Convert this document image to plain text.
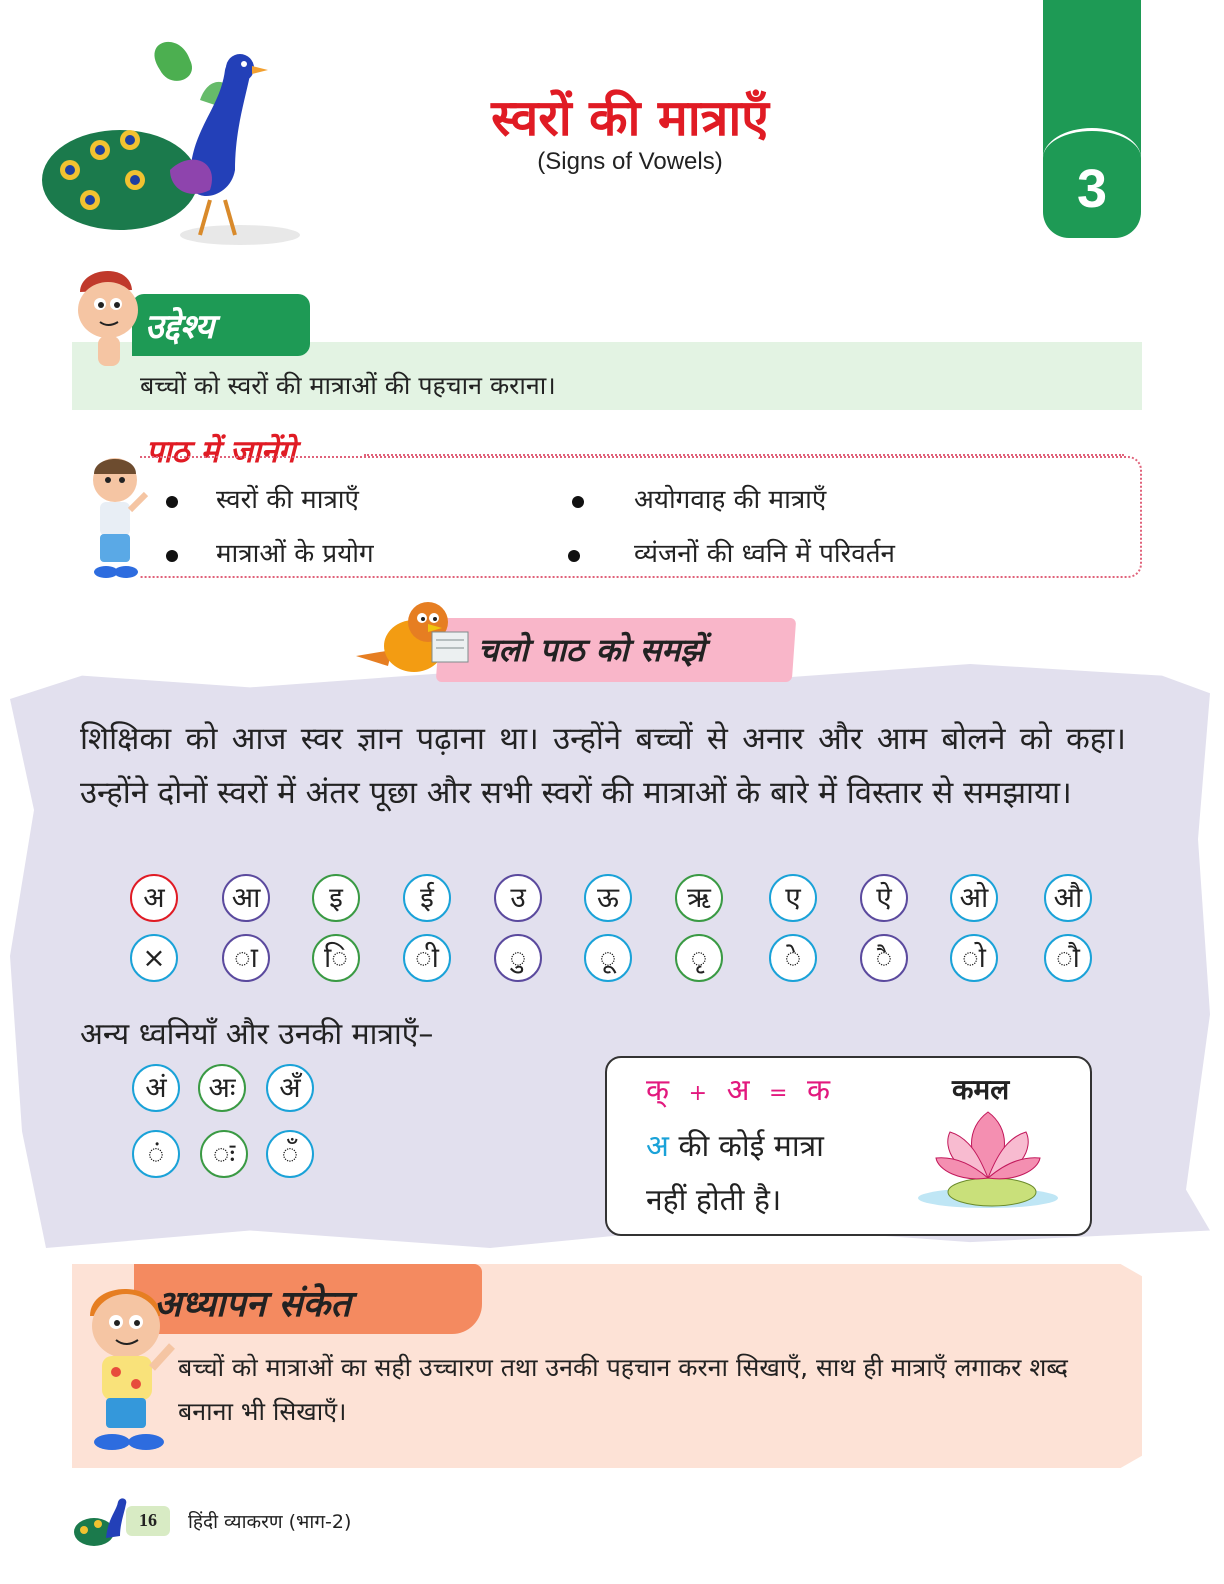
3
स्वरों की मात्राएँ
(Signs of Vowels)
उद्देश्य
बच्चों को स्वरों की मात्राओं की पहचान कराना।
पाठ में जानेंगे
स्वरों की मात्राएँ	अयोगवाह की मात्राएँ
मात्राओं के प्रयोग	व्यंजनों की ध्वनि में परिवर्तन
चलो पाठ को समझें
शिक्षिका को आज स्वर ज्ञान पढ़ाना था। उन्होंने बच्चों से अनार और आम बोलने को कहा। उन्होंने दोनों स्वरों में अंतर पूछा और सभी स्वरों की मात्राओं के बारे में विस्तार से समझाया।
अ	आ	इ	ई	उ	ऊ	ऋ	ए	ऐ	ओ	औ
×	ा	ि	ी	ु	ू	ृ	े	ै	ो	ौ
अन्य ध्वनियाँ और उनकी मात्राएँ–
अं	अः	अँ
ं	ः	ँ
क् + अ = क
अ की कोई मात्रा
नहीं होती है।
कमल
अध्यापन संकेत
बच्चों को मात्राओं का सही उच्चारण तथा उनकी पहचान करना सिखाएँ, साथ ही मात्राएँ लगाकर शब्द बनाना भी सिखाएँ।
16	हिंदी व्याकरण (भाग-2)
